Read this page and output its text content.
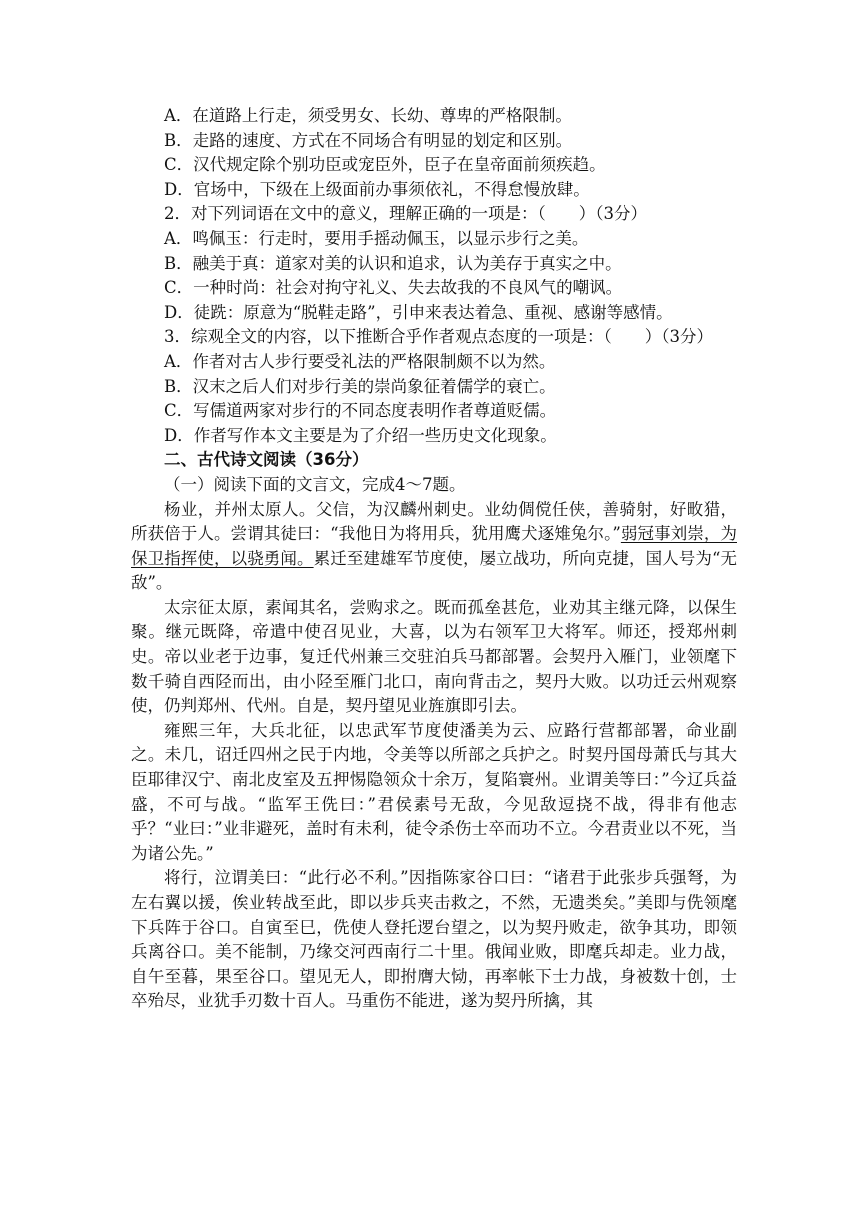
A．在道路上行走，须受男女、长幼、尊卑的严格限制。

B．走路的速度、方式在不同场合有明显的划定和区别。

C．汉代规定除个别功臣或宠臣外，臣子在皇帝面前须疾趋。

D．官场中，下级在上级面前办事须依礼，不得怠慢放肆。

2．对下列词语在文中的意义，理解正确的一项是：（　　）（3分）

A．鸣佩玉：行走时，要用手摇动佩玉，以显示步行之美。

B．融美于真：道家对美的认识和追求，认为美存于真实之中。

C．一种时尚：社会对拘守礼义、失去故我的不良风气的嘲讽。

D．徒跣：原意为“脱鞋走路”，引申来表达着急、重视、感谢等感情。

3．综观全文的内容，以下推断合乎作者观点态度的一项是：（　　）（3分）

A．作者对古人步行要受礼法的严格限制颇不以为然。

B．汉末之后人们对步行美的崇尚象征着儒学的衰亡。

C．写儒道两家对步行的不同态度表明作者尊道贬儒。

D．作者写作本文主要是为了介绍一些历史文化现象。

二、古代诗文阅读（36分）

（一）阅读下面的文言文，完成4～7题。

杨业，并州太原人。父信，为汉麟州刺史。业幼倜傥任侠，善骑射，好畋猎，所获倍于人。尝谓其徒曰：“我他日为将用兵，犹用鹰犬逐雉兔尔。”弱冠事刘崇，为保卫指挥使，以骁勇闻。累迁至建雄军节度使，屡立战功，所向克捷，国人号为“无敌”。

太宗征太原，素闻其名，尝购求之。既而孤垒甚危，业劝其主继元降，以保生聚。继元既降，帝遣中使召见业，大喜，以为右领军卫大将军。师还，授郑州刺史。帝以业老于边事，复迁代州兼三交驻泊兵马都部署。会契丹入雁门，业领麾下数千骑自西陉而出，由小陉至雁门北口，南向背击之，契丹大败。以功迁云州观察使，仍判郑州、代州。自是，契丹望见业旌旗即引去。

雍熙三年，大兵北征，以忠武军节度使潘美为云、应路行营都部署，命业副之。未几，诏迁四州之民于内地，令美等以所部之兵护之。时契丹国母萧氏与其大臣耶律汉宁、南北皮室及五押惕隐领众十余万，复陷寰州。业谓美等曰：”今辽兵益盛，不可与战。“监军王侁曰：”君侯素号无敌，今见敌逗挠不战，得非有他志乎？“业曰：”业非避死，盖时有未利，徒令杀伤士卒而功不立。今君责业以不死，当为诸公先。”

将行，泣谓美曰：“此行必不利。”因指陈家谷口曰：“诸君于此张步兵强弩，为左右翼以援，俟业转战至此，即以步兵夹击救之，不然，无遗类矣。”美即与侁领麾下兵阵于谷口。自寅至巳，侁使人登托逻台望之，以为契丹败走，欲争其功，即领兵离谷口。美不能制，乃缘交河西南行二十里。俄闻业败，即麾兵却走。业力战，自午至暮，果至谷口。望见无人，即拊膺大恸，再率帐下士力战，身被数十创，士卒殆尽，业犹手刃数十百人。马重伤不能进，遂为契丹所擒，其
